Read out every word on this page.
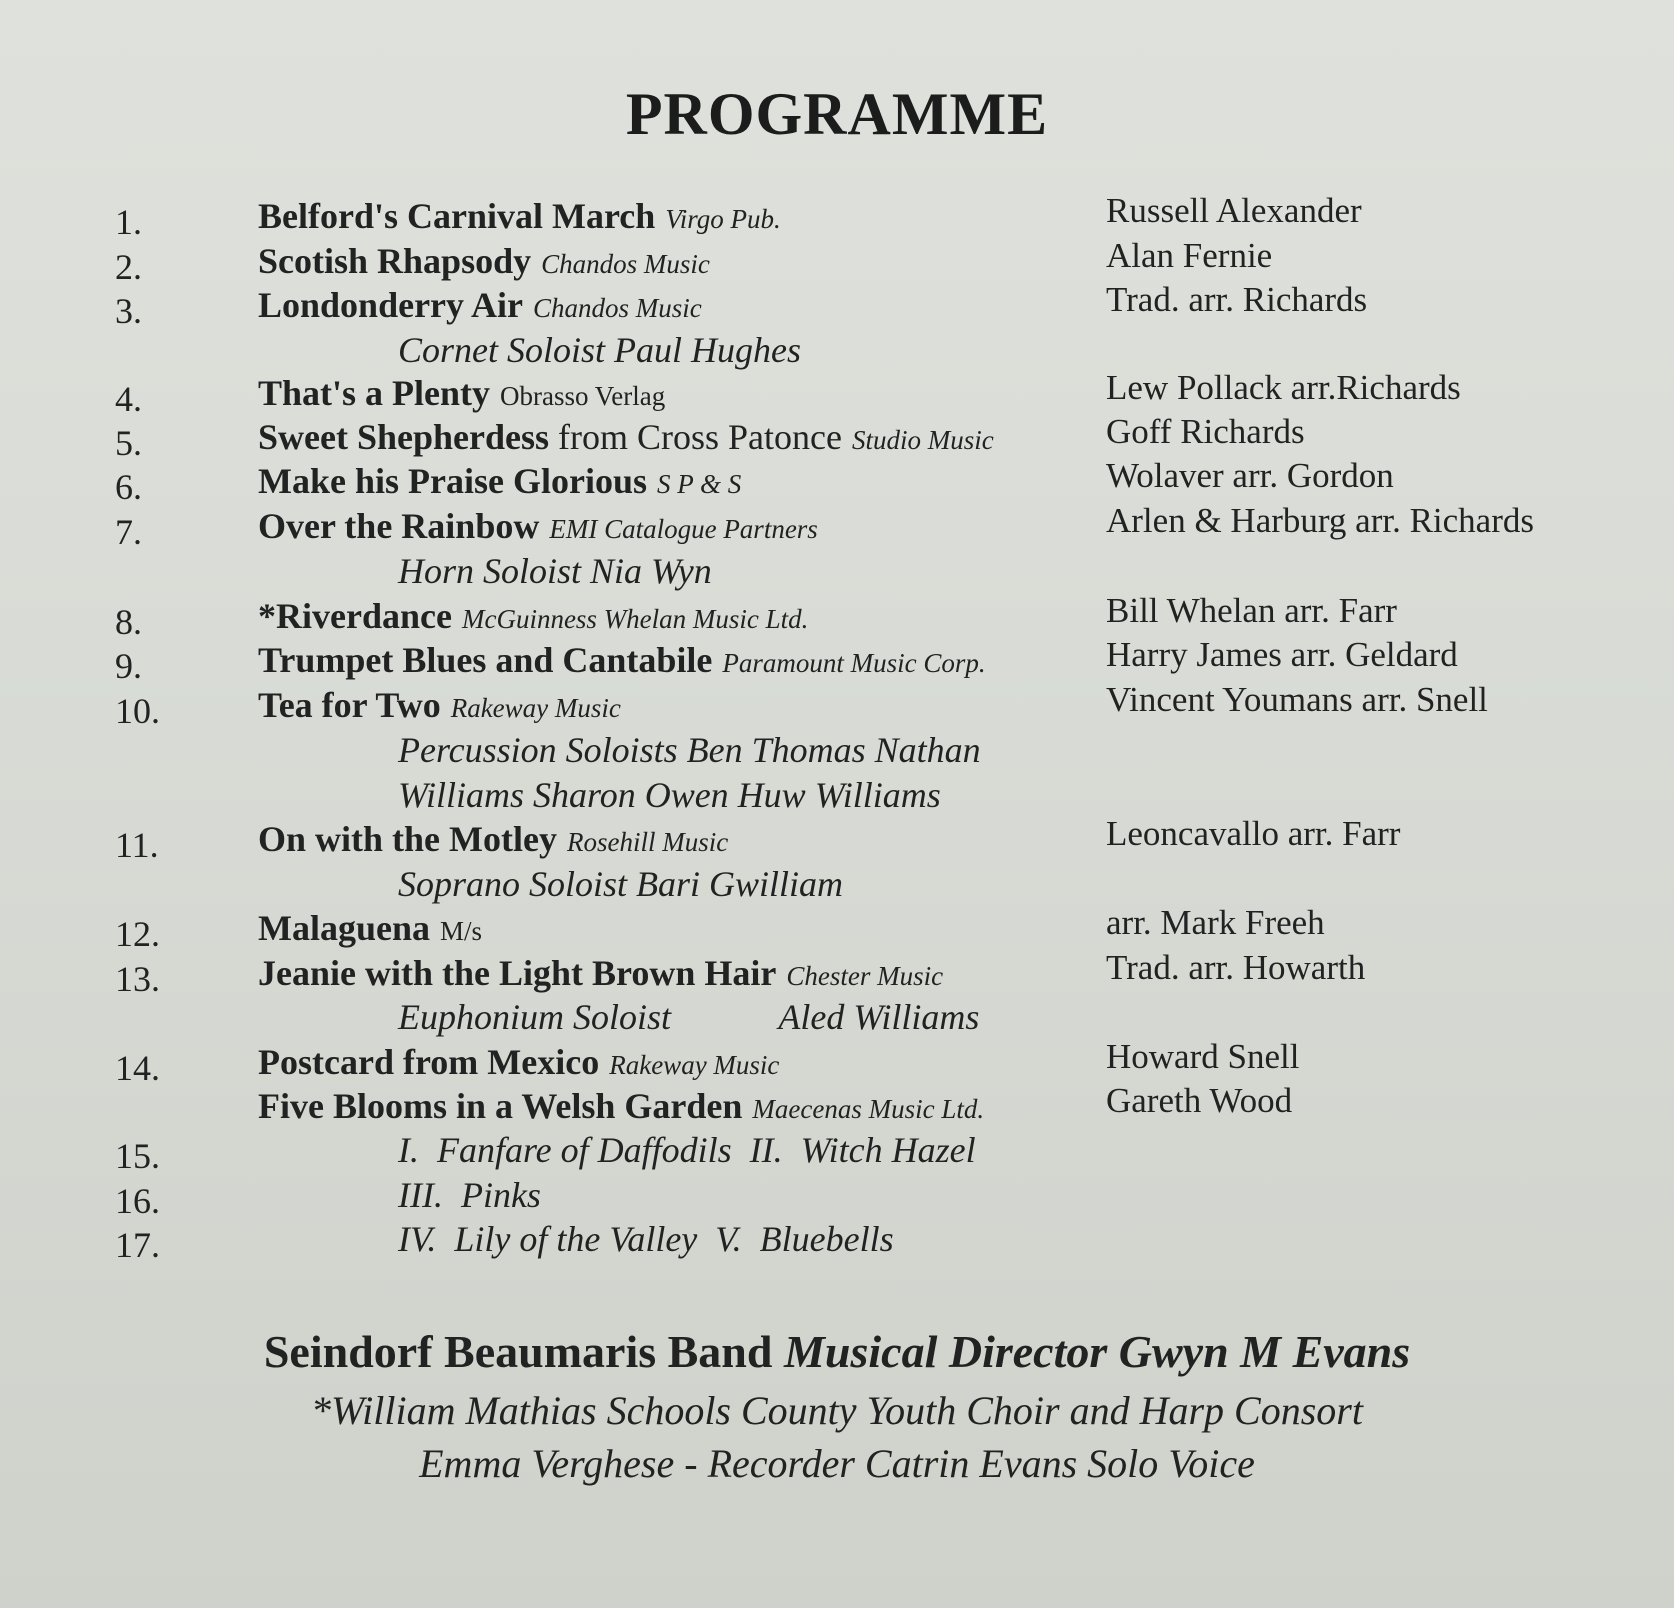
PROGRAMME
1.	Belford's Carnival March Virgo Pub.	Russell Alexander
2.	Scotish Rhapsody Chandos Music	Alan Fernie
3.	Londonderry Air Chandos Music	Trad. arr. Richards
Cornet Soloist Paul Hughes
4.	That's a Plenty Obrasso Verlag	Lew Pollack arr.Richards
5.	Sweet Shepherdess from Cross Patonce Studio Music	Goff Richards
6.	Make his Praise Glorious S P & S	Wolaver arr. Gordon
7.	Over the Rainbow EMI Catalogue Partners	Arlen & Harburg arr. Richards
Horn Soloist Nia Wyn
8.	*Riverdance McGuinness Whelan Music Ltd.	Bill Whelan arr. Farr
9.	Trumpet Blues and Cantabile Paramount Music Corp.	Harry James arr. Geldard
10.	Tea for Two Rakeway Music	Vincent Youmans arr. Snell
Percussion Soloists Ben Thomas Nathan
Williams Sharon Owen Huw Williams
11.	On with the Motley Rosehill Music	Leoncavallo arr. Farr
Soprano Soloist Bari Gwilliam
12.	Malaguena M/s	arr. Mark Freeh
13.	Jeanie with the Light Brown Hair Chester Music	Trad. arr. Howarth
Euphonium Soloist            Aled Williams
14.	Postcard from Mexico Rakeway Music	Howard Snell
Five Blooms in a Welsh Garden Maecenas Music Ltd.	Gareth Wood
15.	I.  Fanfare of Daffodils  II.  Witch Hazel
16.	III.  Pinks
17.	IV.  Lily of the Valley  V.  Bluebells
Seindorf Beaumaris Band Musical Director Gwyn M Evans
*William Mathias Schools County Youth Choir and Harp Consort
Emma Verghese - Recorder Catrin Evans Solo Voice
